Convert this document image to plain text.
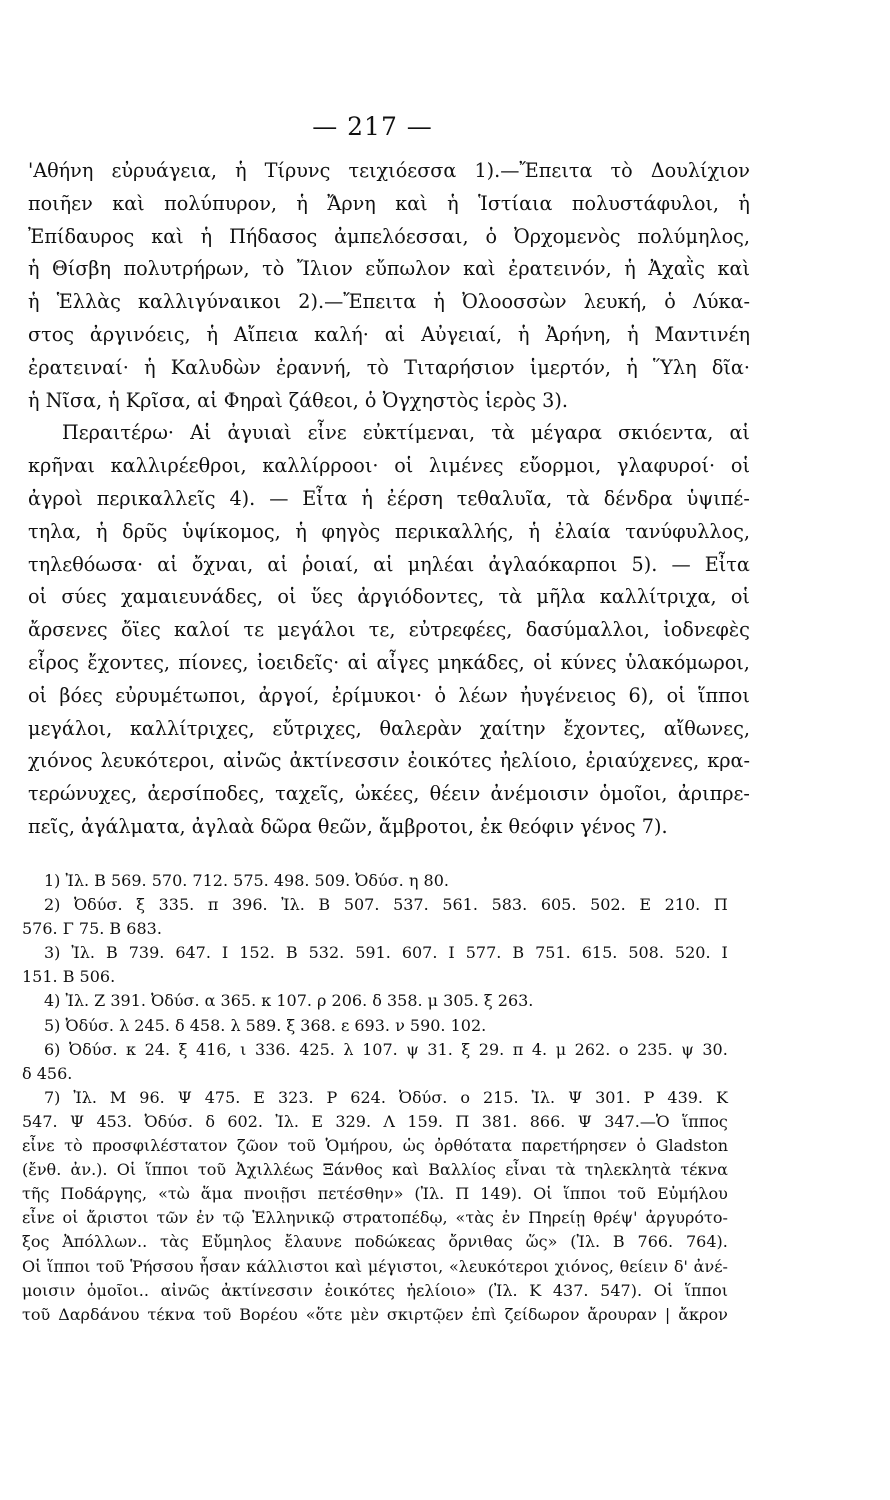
— 217 —
'Αθήνη εὐρυάγεια, ἡ Τίρυνς τειχιόεσσα 1).—Ἔπειτα τὸ Δουλίχιον
ποιῆεν καὶ πολύπυρον, ἡ Ἄρνη καὶ ἡ Ἱστίαια πολυστάφυλοι, ἡ
Ἐπίδαυρος καὶ ἡ Πήδασος ἀμπελόεσσαι, ὁ Ὀρχομενὸς πολύμηλος,
ἡ Θίσβη πολυτρήρων, τὸ Ἴλιον εὔπωλον καὶ ἐρατεινόν, ἡ Ἀχαῒς καὶ
ἡ Ἑλλὰς καλλιγύναικοι 2).—Ἔπειτα ἡ Ὀλοοσσὼν λευκή, ὁ Λύκα-
στος ἀργινόεις, ἡ Αἴπεια καλή· αἱ Αὐγειαί, ἡ Ἀρήνη, ἡ Μαντινέη
ἐρατειναί· ἡ Καλυδὼν ἐραννή, τὸ Τιταρήσιον ἱμερτόν, ἡ Ὕλη δῖα·
ἡ Νῖσα, ἡ Κρῖσα, αἱ Φηραὶ ζάθεοι, ὁ Ὀγχηστὸς ἱερὸς 3).
Περαιτέρω· Αἱ ἀγυιαὶ εἶνε εὐκτίμεναι, τὰ μέγαρα σκιόεντα, αἱ
κρῆναι καλλιρέεθροι, καλλίρροοι· οἱ λιμένες εὔορμοι, γλαφυροί· οἱ
ἀγροὶ περικαλλεῖς 4). — Εἶτα ἡ ἐέρση τεθαλυῖα, τὰ δένδρα ὑψιπέ-
τηλα, ἡ δρῦς ὑψίκομος, ἡ φηγὸς περικαλλής, ἡ ἐλαία τανύφυλλος,
τηλεθόωσα· αἱ ὄχναι, αἱ ῥοιαί, αἱ μηλέαι ἀγλαόκαρποι 5). — Εἶτα
οἱ σύες χαμαιευνάδες, οἱ ὕες ἀργιόδοντες, τὰ μῆλα καλλίτριχα, οἱ
ἄρσενες ὄϊες καλοί τε μεγάλοι τε, εὐτρεφέες, δασύμαλλοι, ἰοδνεφὲς
εἶρος ἔχοντες, πίονες, ἰοειδεῖς· αἱ αἶγες μηκάδες, οἱ κύνες ὑλακόμωροι,
οἱ βόες εὐρυμέτωποι, ἀργοί, ἐρίμυκοι· ὁ λέων ἠυγένειος 6), οἱ ἵπποι
μεγάλοι, καλλίτριχες, εὔτριχες, θαλερὰν χαίτην ἔχοντες, αἴθωνες,
χιόνος λευκότεροι, αἰνῶς ἀκτίνεσσιν ἐοικότες ἠελίοιο, ἐριαύχενες, κρα-
τερώνυχες, ἀερσίποδες, ταχεῖς, ὠκέες, θέειν ἀνέμοισιν ὁμοῖοι, ἀριπρε-
πεῖς, ἀγάλματα, ἀγλαὰ δῶρα θεῶν, ἄμβροτοι, ἐκ θεόφιν γένος 7).
1) Ἰλ. Β 569. 570. 712. 575. 498. 509. Ὀδύσ. η 80.
2) Ὀδύσ. ξ 335. π 396. Ἰλ. Β 507. 537. 561. 583. 605. 502. Ε 210. Π
576. Γ 75. Β 683.
3) Ἰλ. Β 739. 647. Ι 152. Β 532. 591. 607. Ι 577. Β 751. 615. 508. 520. Ι
151. Β 506.
4) Ἰλ. Ζ 391. Ὀδύσ. α 365. κ 107. ρ 206. δ 358. μ 305. ξ 263.
5) Ὀδύσ. λ 245. δ 458. λ 589. ξ 368. ε 693. ν 590. 102.
6) Ὀδύσ. κ 24. ξ 416, ι 336. 425. λ 107. ψ 31. ξ 29. π 4. μ 262. ο 235. ψ 30.
δ 456.
7) Ἰλ. Μ 96. Ψ 475. Ε 323. Ρ 624. Ὀδύσ. ο 215. Ἰλ. Ψ 301. Ρ 439. Κ
547. Ψ 453. Ὀδύσ. δ 602. Ἰλ. Ε 329. Λ 159. Π 381. 866. Ψ 347.—Ὁ ἵππος
εἶνε τὸ προσφιλέστατον ζῶον τοῦ Ὁμήρου, ὡς ὀρθότατα παρετήρησεν ὁ Gladston
(ἔνθ. ἀν.). Οἱ ἵπποι τοῦ Ἀχιλλέως Ξάνθος καὶ Βαλλίος εἶναι τὰ τηλεκλητὰ τέκνα
τῆς Ποδάργης, «τὼ ἅμα πνοιῇσι πετέσθην» (Ἰλ. Π 149). Οἱ ἵπποι τοῦ Εὐμήλου
εἶνε οἱ ἄριστοι τῶν ἐν τῷ Ἑλληνικῷ στρατοπέδῳ, «τὰς ἐν Πηρείῃ θρέψ' ἀργυρότο-
ξος Ἀπόλλων.. τὰς Εὔμηλος ἔλαυνε ποδώκεας ὄρνιθας ὥς» (Ἰλ. Β 766. 764).
Οἱ ἵπποι τοῦ Ῥήσσου ἦσαν κάλλιστοι καὶ μέγιστοι, «λευκότεροι χιόνος, θείειν δ' ἀνέ-
μοισιν ὁμοῖοι.. αἰνῶς ἀκτίνεσσιν ἐοικότες ἠελίοιο» (Ἰλ. Κ 437. 547). Οἱ ἵπποι
τοῦ Δαρδάνου τέκνα τοῦ Βορέου «ὅτε μὲν σκιρτῷεν ἐπὶ ζείδωρον ἄρουραν | ἄκρον
